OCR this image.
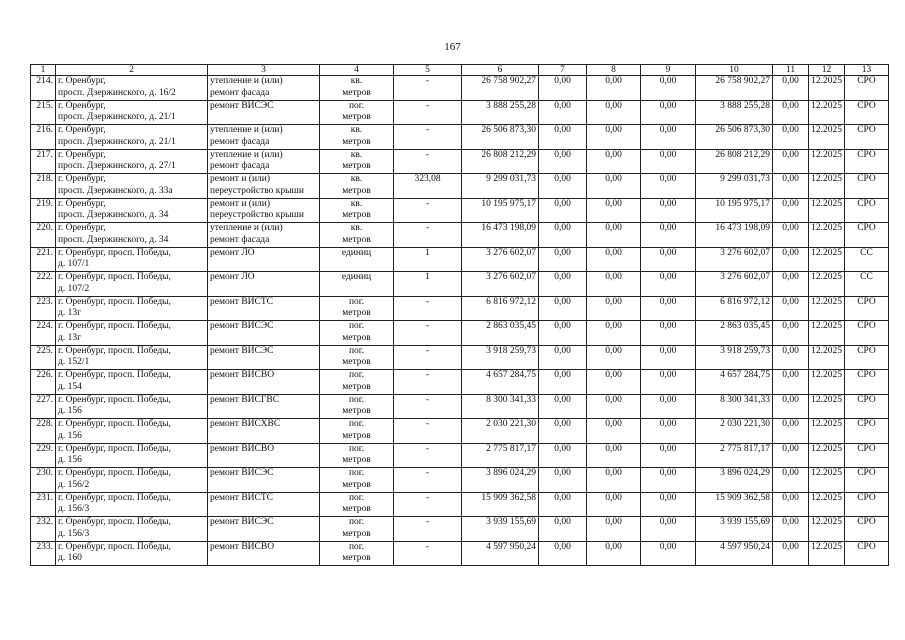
167
1	2	3	4	5	6	7	8	9	10	11	12	13

214.	г. Оренбург,
просп. Дзержинского, д. 16/2	утепление и (или)
ремонт фасада	кв.
метров	-	26 758 902,27	0,00	0,00	0,00	26 758 902,27	0,00	12.2025	СРО

215.	г. Оренбург,
просп. Дзержинского, д. 21/1	ремонт ВИСЭС	пог.
метров	-	3 888 255,28	0,00	0,00	0,00	3 888 255,28	0,00	12.2025	СРО

216.	г. Оренбург,
просп. Дзержинского, д. 21/1	утепление и (или)
ремонт фасада	кв.
метров	-	26 506 873,30	0,00	0,00	0,00	26 506 873,30	0,00	12.2025	СРО

217.	г. Оренбург,
просп. Дзержинского, д. 27/1	утепление и (или)
ремонт фасада	кв.
метров	-	26 808 212,29	0,00	0,00	0,00	26 808 212,29	0,00	12.2025	СРО

218.	г. Оренбург,
просп. Дзержинского, д. 33а	ремонт и (или)
переустройство крыши	кв.
метров	323,08	9 299 031,73	0,00	0,00	0,00	9 299 031,73	0,00	12.2025	СРО

219.	г. Оренбург,
просп. Дзержинского, д. 34	ремонт и (или)
переустройство крыши	кв.
метров	-	10 195 975,17	0,00	0,00	0,00	10 195 975,17	0,00	12.2025	СРО

220.	г. Оренбург,
просп. Дзержинского, д. 34	утепление и (или)
ремонт фасада	кв.
метров	-	16 473 198,09	0,00	0,00	0,00	16 473 198,09	0,00	12.2025	СРО

221.	г. Оренбург, просп. Победы,
д. 107/1	ремонт ЛО	единиц	1	3 276 602,07	0,00	0,00	0,00	3 276 602,07	0,00	12.2025	СС

222.	г. Оренбург, просп. Победы,
д. 107/2	ремонт ЛО	единиц	1	3 276 602,07	0,00	0,00	0,00	3 276 602,07	0,00	12.2025	СС

223.	г. Оренбург, просп. Победы,
д. 13г	ремонт ВИСТС	пог.
метров	-	6 816 972,12	0,00	0,00	0,00	6 816 972,12	0,00	12.2025	СРО

224.	г. Оренбург, просп. Победы,
д. 13г	ремонт ВИСЭС	пог.
метров	-	2 863 035,45	0,00	0,00	0,00	2 863 035,45	0,00	12.2025	СРО

225.	г. Оренбург, просп. Победы,
д. 152/1	ремонт ВИСЭС	пог.
метров	-	3 918 259,73	0,00	0,00	0,00	3 918 259,73	0,00	12.2025	СРО

226.	г. Оренбург, просп. Победы,
д. 154	ремонт ВИСВО	пог.
метров	-	4 657 284,75	0,00	0,00	0,00	4 657 284,75	0,00	12.2025	СРО

227.	г. Оренбург, просп. Победы,
д. 156	ремонт ВИСГВС	пог.
метров	-	8 300 341,33	0,00	0,00	0,00	8 300 341,33	0,00	12.2025	СРО

228.	г. Оренбург, просп. Победы,
д. 156	ремонт ВИСХВС	пог.
метров	-	2 030 221,30	0,00	0,00	0,00	2 030 221,30	0,00	12.2025	СРО

229.	г. Оренбург, просп. Победы,
д. 156	ремонт ВИСВО	пог.
метров	-	2 775 817,17	0,00	0,00	0,00	2 775 817,17	0,00	12.2025	СРО

230.	г. Оренбург, просп. Победы,
д. 156/2	ремонт ВИСЭС	пог.
метров	-	3 896 024,29	0,00	0,00	0,00	3 896 024,29	0,00	12.2025	СРО

231.	г. Оренбург, просп. Победы,
д. 156/3	ремонт ВИСТС	пог.
метров	-	15 909 362,58	0,00	0,00	0,00	15 909 362,58	0,00	12.2025	СРО

232.	г. Оренбург, просп. Победы,
д. 156/3	ремонт ВИСЭС	пог.
метров	-	3 939 155,69	0,00	0,00	0,00	3 939 155,69	0,00	12.2025	СРО

233.	г. Оренбург, просп. Победы,
д. 160	ремонт ВИСВО	пог.
метров	-	4 597 950,24	0,00	0,00	0,00	4 597 950,24	0,00	12.2025	СРО
